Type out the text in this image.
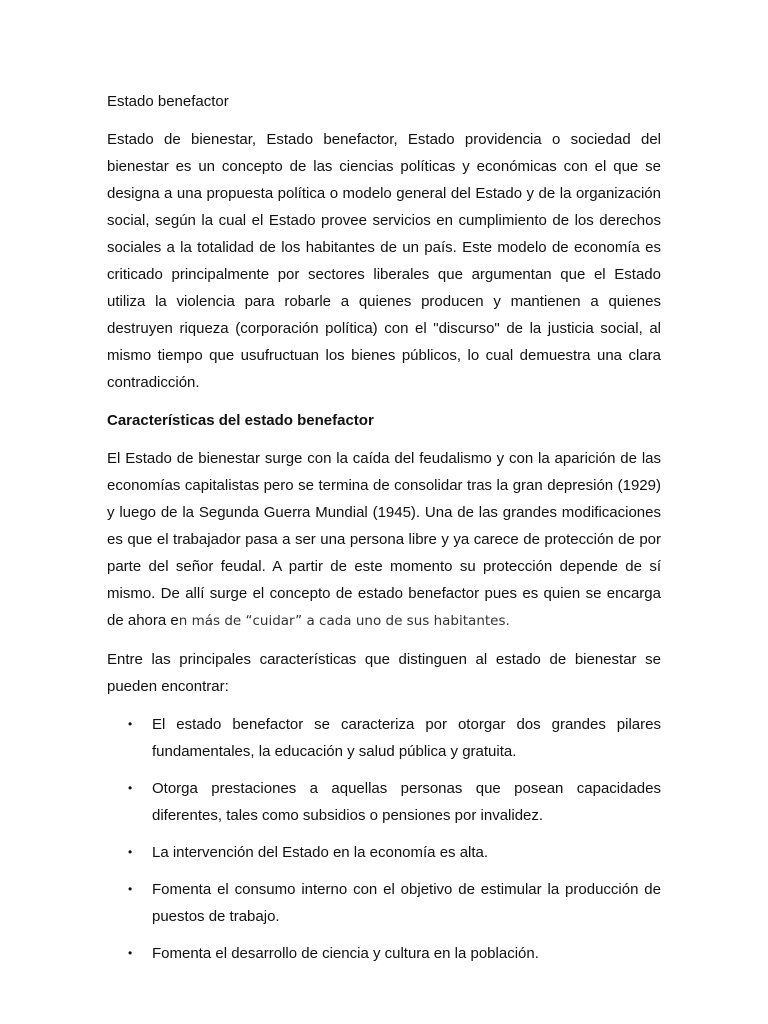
Estado benefactor

Estado de bienestar, Estado benefactor, Estado providencia o sociedad del bienestar es un concepto de las ciencias políticas y económicas con el que se designa a una propuesta política o modelo general del Estado y de la organización social, según la cual el Estado provee servicios en cumplimiento de los derechos sociales a la totalidad de los habitantes de un país. Este modelo de economía es criticado principalmente por sectores liberales que argumentan que el Estado utiliza la violencia para robarle a quienes producen y mantienen a quienes destruyen riqueza (corporación política) con el "discurso" de la justicia social, al mismo tiempo que usufructuan los bienes públicos, lo cual demuestra una clara contradicción.

Características del estado benefactor

El Estado de bienestar surge con la caída del feudalismo y con la aparición de las economías capitalistas pero se termina de consolidar tras la gran depresión (1929) y luego de la Segunda Guerra Mundial (1945). Una de las grandes modificaciones es que el trabajador pasa a ser una persona libre y ya carece de protección de por parte del señor feudal. A partir de este momento su protección depende de sí mismo. De allí surge el concepto de estado benefactor pues es quien se encarga de ahora en más de “cuidar” a cada uno de sus habitantes.

Entre las principales características que distinguen al estado de bienestar se pueden encontrar:

• El estado benefactor se caracteriza por otorgar dos grandes pilares fundamentales, la educación y salud pública y gratuita.
• Otorga prestaciones a aquellas personas que posean capacidades diferentes, tales como subsidios o pensiones por invalidez.
• La intervención del Estado en la economía es alta.
• Fomenta el consumo interno con el objetivo de estimular la producción de puestos de trabajo.
• Fomenta el desarrollo de ciencia y cultura en la población.
